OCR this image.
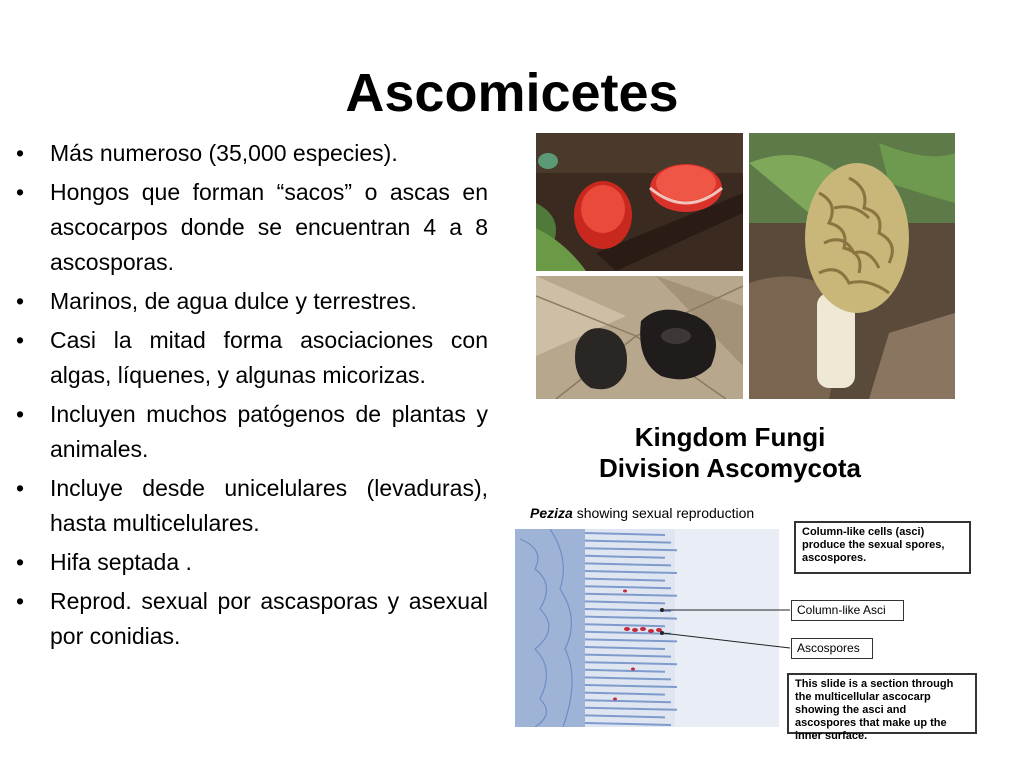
Ascomicetes
• Más numeroso (35,000 especies).
• Hongos que forman “sacos” o ascas en ascocarpos donde se encuentran 4 a 8 ascosporas.
• Marinos, de agua dulce y terrestres.
• Casi la mitad forma asociaciones con algas, líquenes, y algunas micorizas.
• Incluyen muchos patógenos de plantas y animales.
• Incluye desde unicelulares (levaduras), hasta multicelulares.
• Hifa septada .
• Reprod. sexual por ascasporas y asexual por conidias.
Kingdom Fungi
Division Ascomycota
Peziza showing sexual reproduction
Column-like cells (asci) produce the sexual spores, ascospores.
Column-like Asci
Ascospores
This slide is a section through the multicellular ascocarp showing the asci and ascospores that make up the inner surface.
